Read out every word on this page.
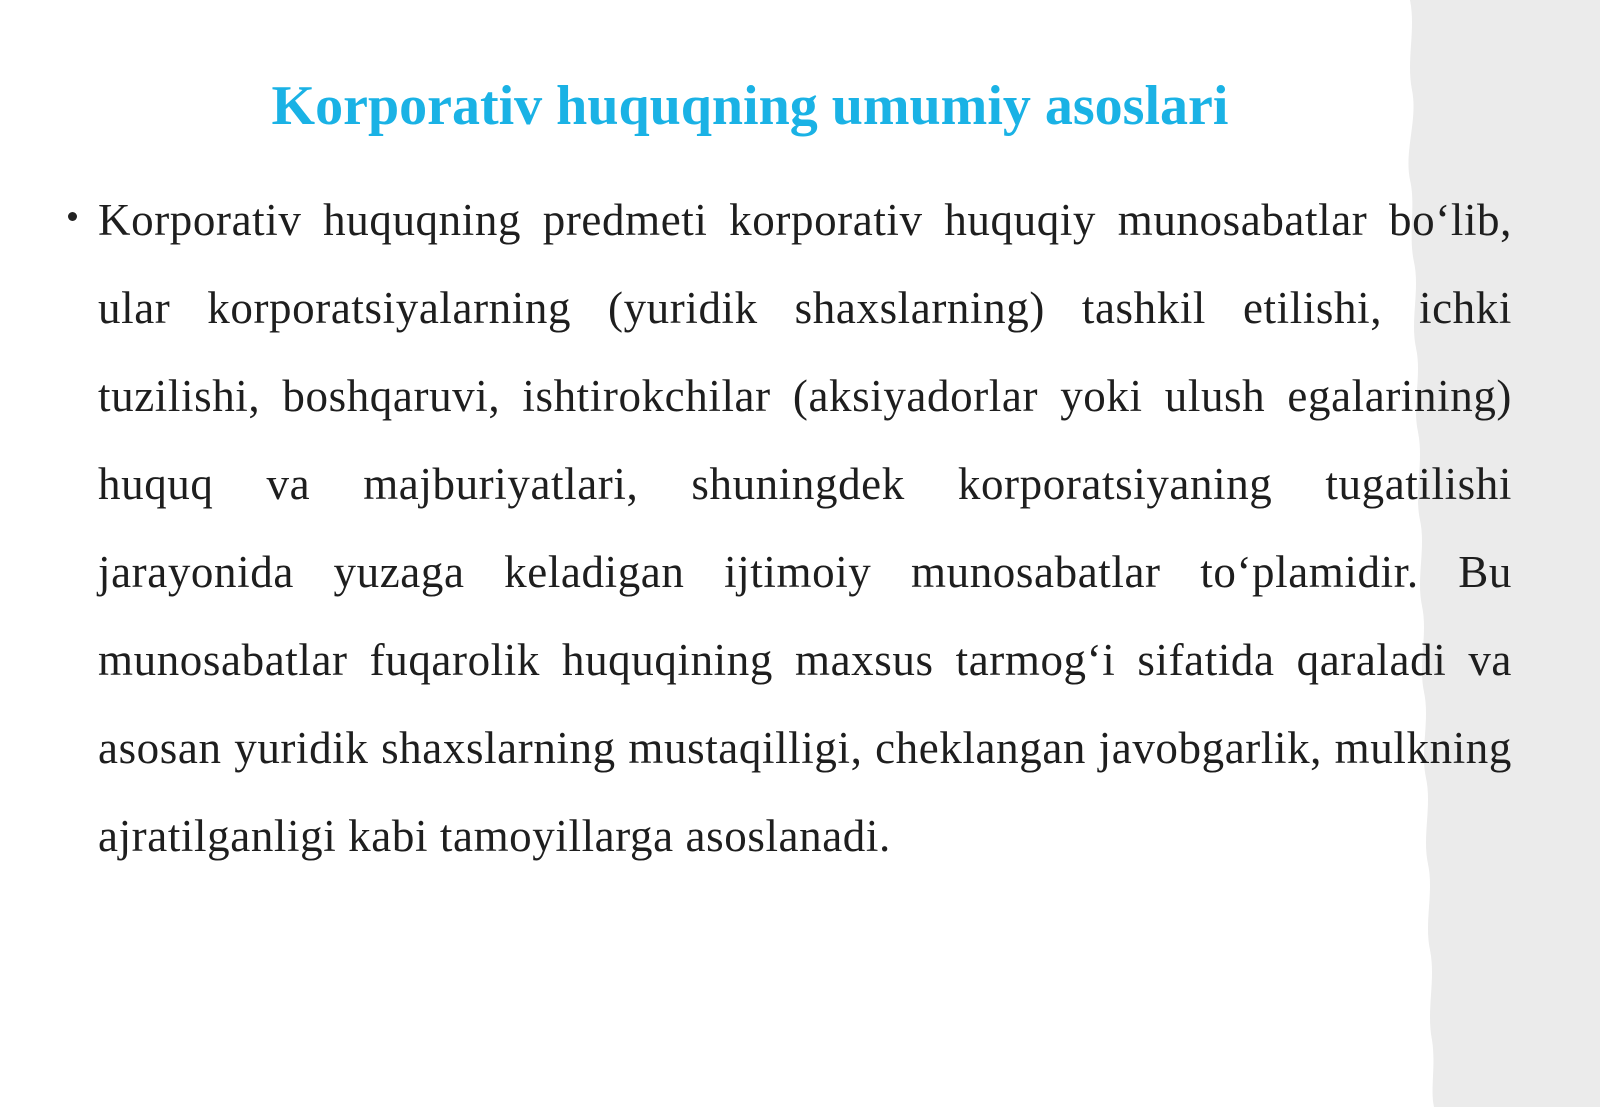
Korporativ huquqning umumiy asoslari

Korporativ huquqning predmeti korporativ huquqiy munosabatlar bo‘lib, ular korporatsiyalarning (yuridik shaxslarning) tashkil etilishi, ichki tuzilishi, boshqaruvi, ishtirokchilar (aksiyadorlar yoki ulush egalarining) huquq va majburiyatlari, shuningdek korporatsiyaning tugatilishi jarayonida yuzaga keladigan ijtimoiy munosabatlar to‘plamidir. Bu munosabatlar fuqarolik huquqining maxsus tarmog‘i sifatida qaraladi va asosan yuridik shaxslarning mustaqilligi, cheklangan javobgarlik, mulkning ajratilganligi kabi tamoyillarga asoslanadi.
